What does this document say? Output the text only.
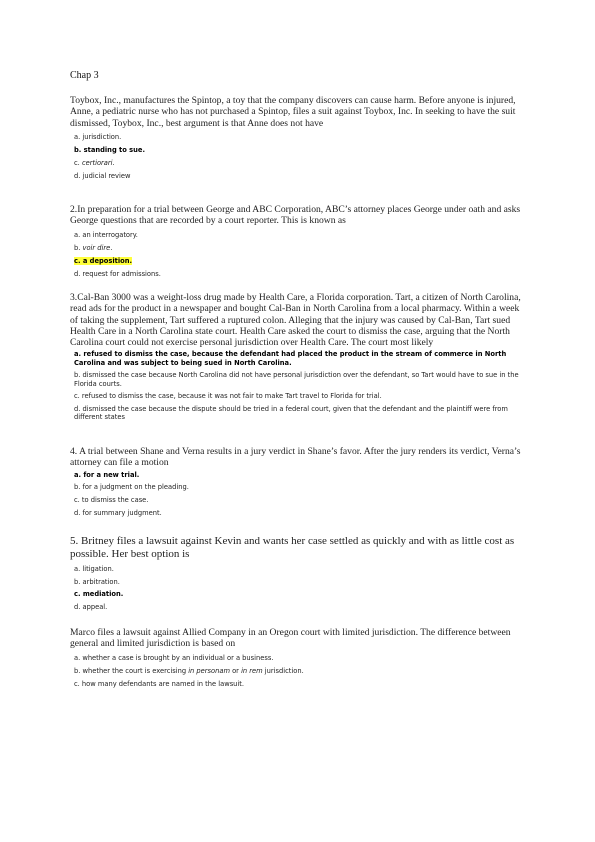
Chap 3

Toybox, Inc., manufactures the Spintop, a toy that the company discovers can cause harm. Before anyone is injured, Anne, a pediatric nurse who has not purchased a Spintop, files a suit against Toybox, Inc. In seeking to have the suit dismissed, Toybox, Inc., best argument is that Anne does not have

a. jurisdiction.
b. standing to sue.
c. certiorari.
d. judicial review

2.In preparation for a trial between George and ABC Corporation, ABC’s attorney places George under oath and asks George questions that are recorded by a court reporter. This is known as

a. an interrogatory.
b. voir dire.
c. a deposition.
d. request for admissions.

3.Cal-Ban 3000 was a weight-loss drug made by Health Care, a Florida corporation. Tart, a citizen of North Carolina, read ads for the product in a newspaper and bought Cal-Ban in North Carolina from a local pharmacy. Within a week of taking the supplement, Tart suffered a ruptured colon. Alleging that the injury was caused by Cal-Ban, Tart sued Health Care in a North Carolina state court. Health Care asked the court to dismiss the case, arguing that the North Carolina court could not exercise personal jurisdiction over Health Care. The court most likely

a. refused to dismiss the case, because the defendant had placed the product in the stream of commerce in North Carolina and was subject to being sued in North Carolina.
b. dismissed the case because North Carolina did not have personal jurisdiction over the defendant, so Tart would have to sue in the Florida courts.
c. refused to dismiss the case, because it was not fair to make Tart travel to Florida for trial.
d. dismissed the case because the dispute should be tried in a federal court, given that the defendant and the plaintiff were from different states

4. A trial between Shane and Verna results in a jury verdict in Shane’s favor. After the jury renders its verdict, Verna’s attorney can file a motion

a. for a new trial.
b. for a judgment on the pleading.
c. to dismiss the case.
d. for summary judgment.

5. Britney files a lawsuit against Kevin and wants her case settled as quickly and with as little cost as possible. Her best option is

a. litigation.
b. arbitration.
c. mediation.
d. appeal.

Marco files a lawsuit against Allied Company in an Oregon court with limited jurisdiction. The difference between general and limited jurisdiction is based on

a. whether a case is brought by an individual or a business.
b. whether the court is exercising in personam or in rem jurisdiction.
c. how many defendants are named in the lawsuit.
